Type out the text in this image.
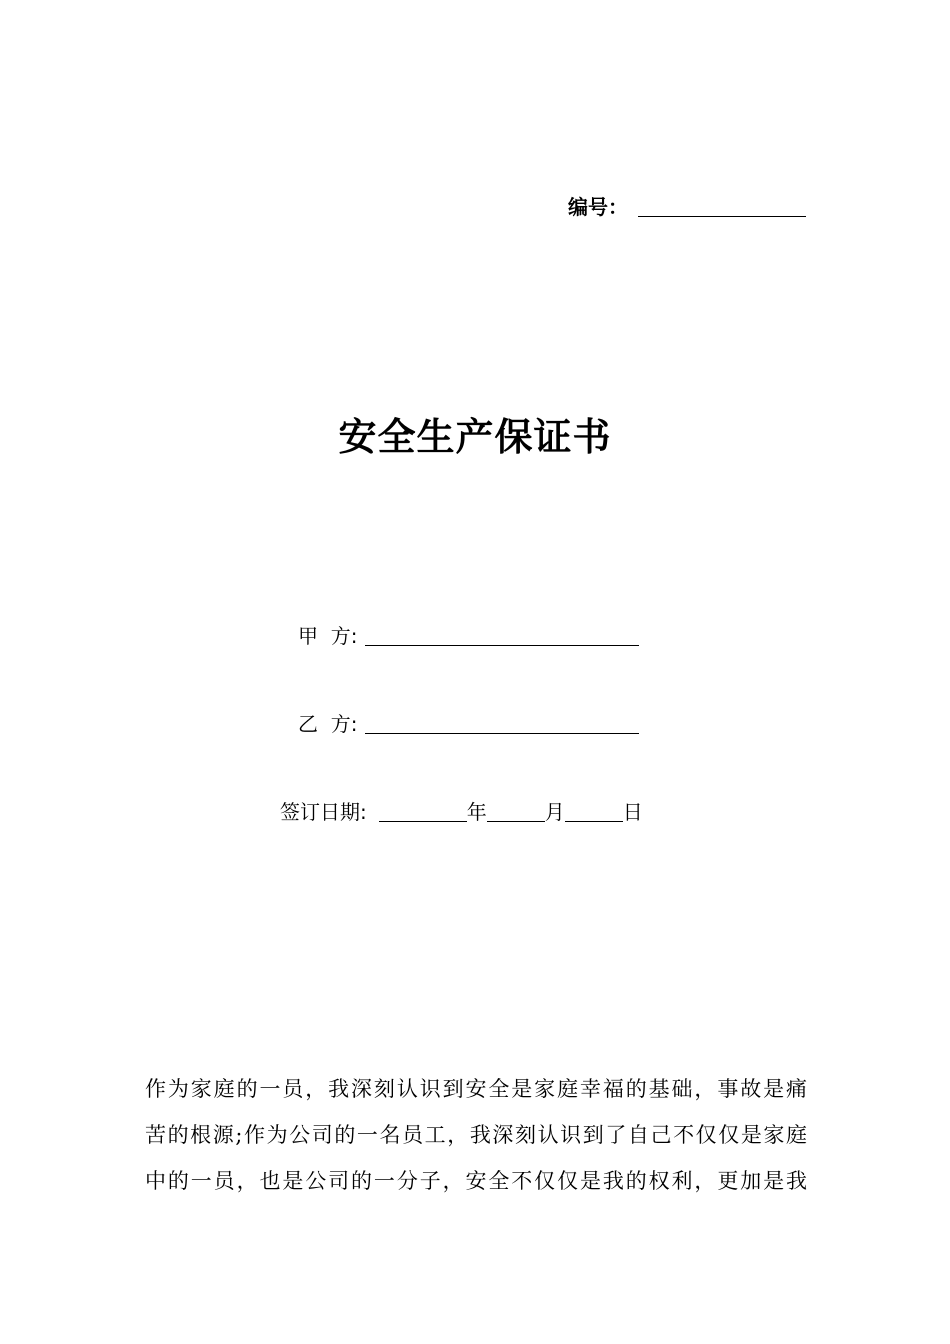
编号：
安全生产保证书
甲  方:
乙  方:
签订日期:	年	月	日

作为家庭的一员，我深刻认识到安全是家庭幸福的基础，事故是痛
苦的根源;作为公司的一名员工，我深刻认识到了自己不仅仅是家庭
中的一员，也是公司的一分子，安全不仅仅是我的权利，更加是我
